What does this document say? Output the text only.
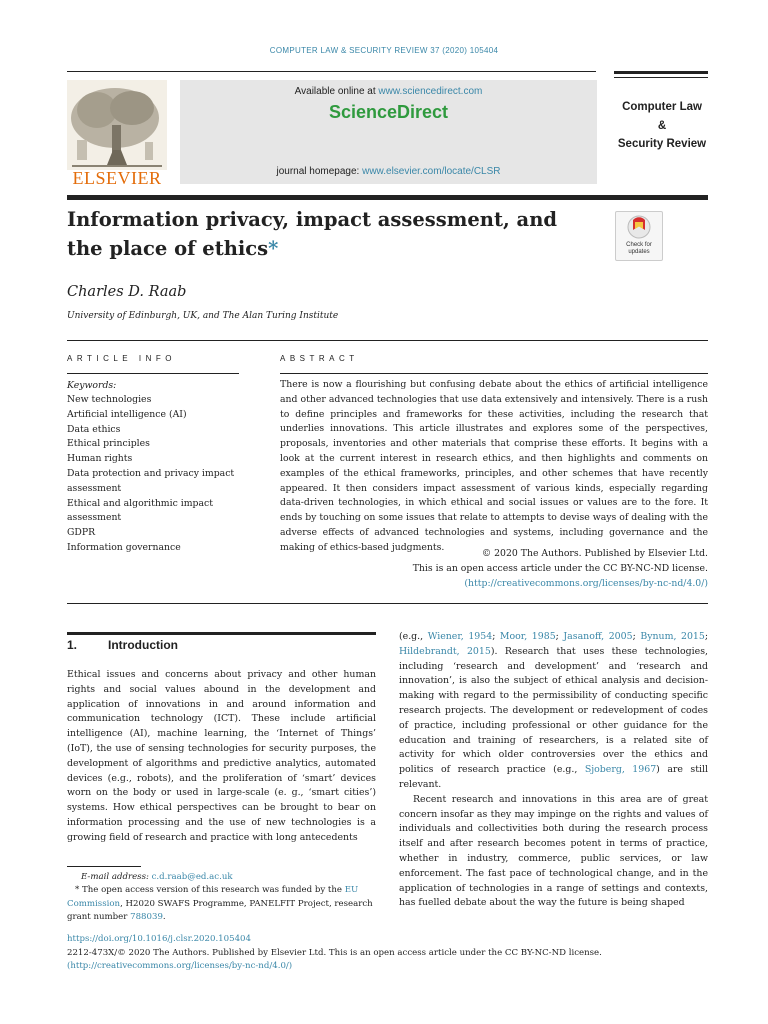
COMPUTER LAW & SECURITY REVIEW 37 (2020) 105404
ELSEVIER
Available online at www.sciencedirect.com
ScienceDirect
journal homepage: www.elsevier.com/locate/CLSR
Computer Law
&
Security Review
Information privacy, impact assessment, and the place of ethics*	Check for updates
Charles D. Raab
University of Edinburgh, UK, and The Alan Turing Institute
ARTICLE INFO	ABSTRACT
Keywords:
New technologies
Artificial intelligence (AI)
Data ethics
Ethical principles
Human rights
Data protection and privacy impact assessment
Ethical and algorithmic impact assessment
GDPR
Information governance
There is now a flourishing but confusing debate about the ethics of artificial intelligence and other advanced technologies that use data extensively and intensively. There is a rush to define principles and frameworks for these activities, including the research that underlies innovations. This article illustrates and explores some of the perspectives, proposals, inventories and other materials that comprise these efforts. It begins with a look at the current interest in research ethics, and then highlights and comments on examples of the ethical frameworks, principles, and other schemes that have recently appeared. It then considers impact assessment of various kinds, especially regarding data-driven technologies, in which ethical and social issues or values are to the fore. It ends by touching on some issues that relate to attempts to devise ways of dealing with the adverse effects of advanced technologies and systems, including governance and the making of ethics-based judgments.
© 2020 The Authors. Published by Elsevier Ltd.
This is an open access article under the CC BY-NC-ND license.
(http://creativecommons.org/licenses/by-nc-nd/4.0/)
1.	Introduction
Ethical issues and concerns about privacy and other human rights and social values abound in the development and application of innovations in and around information and communication technology (ICT). These include artificial intelligence (AI), machine learning, the ‘Internet of Things’ (IoT), the use of sensing technologies for security purposes, the development of algorithms and predictive analytics, automated devices (e.g., robots), and the proliferation of ‘smart’ devices worn on the body or used in large-scale (e. g., ‘smart cities’) systems. How ethical perspectives can be brought to bear on information processing and the use of new technologies is a growing field of research and practice with long antecedents
(e.g., Wiener, 1954; Moor, 1985; Jasanoff, 2005; Bynum, 2015; Hildebrandt, 2015). Research that uses these technologies, including ‘research and development’ and ‘research and innovation’, is also the subject of ethical analysis and decision-making with regard to the permissibility of conducting specific research projects. The development or redevelopment of codes of practice, including professional or other guidance for the education and training of researchers, is a related site of activity for which older controversies over the ethics and politics of research practice (e.g., Sjoberg, 1967) are still relevant.
Recent research and innovations in this area are of great concern insofar as they may impinge on the rights and values of individuals and collectivities both during the research process itself and after research becomes potent in terms of practice, whether in industry, commerce, public services, or law enforcement. The fast pace of technological change, and in the application of technologies in a range of settings and contexts, has fuelled debate about the way the future is being shaped
E-mail address: c.d.raab@ed.ac.uk
* The open access version of this research was funded by the EU Commission, H2020 SWAFS Programme, PANELFIT Project, research grant number 788039.
https://doi.org/10.1016/j.clsr.2020.105404
2212-473X/© 2020 The Authors. Published by Elsevier Ltd. This is an open access article under the CC BY-NC-ND license.
(http://creativecommons.org/licenses/by-nc-nd/4.0/)
